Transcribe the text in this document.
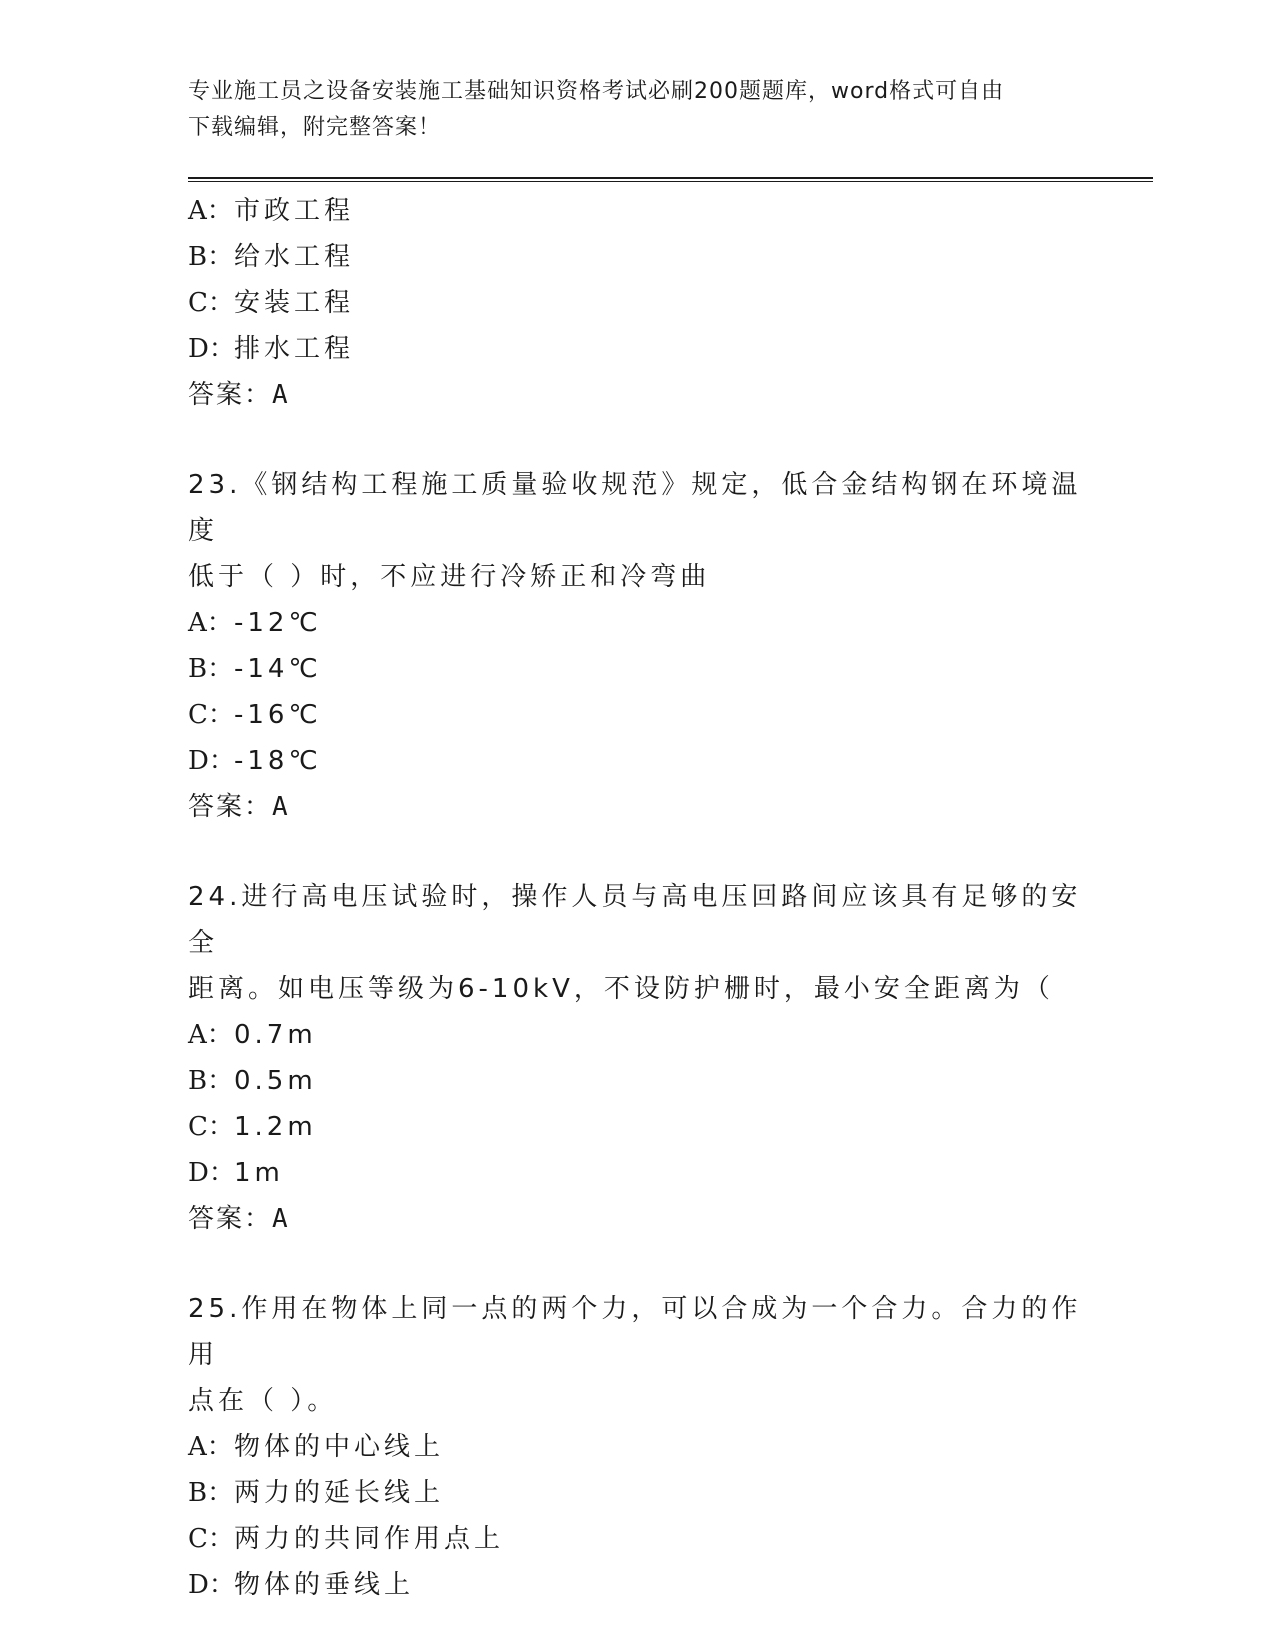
专业施工员之设备安装施工基础知识资格考试必刷200题题库，word格式可自由
下载编辑，附完整答案！
A：市政工程
B：给水工程
C：安装工程
D：排水工程
答案：A
23.《钢结构工程施工质量验收规范》规定，低合金结构钢在环境温度
低于（ ）时，不应进行冷矫正和冷弯曲
A：-12℃
B：-14℃
C：-16℃
D：-18℃
答案：A
24.进行高电压试验时，操作人员与高电压回路间应该具有足够的安全
距离。如电压等级为6-10kV，不设防护栅时，最小安全距离为（
A：0.7m
B：0.5m
C：1.2m
D：1m
答案：A
25.作用在物体上同一点的两个力，可以合成为一个合力。合力的作用
点在（ ）。
A：物体的中心线上
B：两力的延长线上
C：两力的共同作用点上
D：物体的垂线上
